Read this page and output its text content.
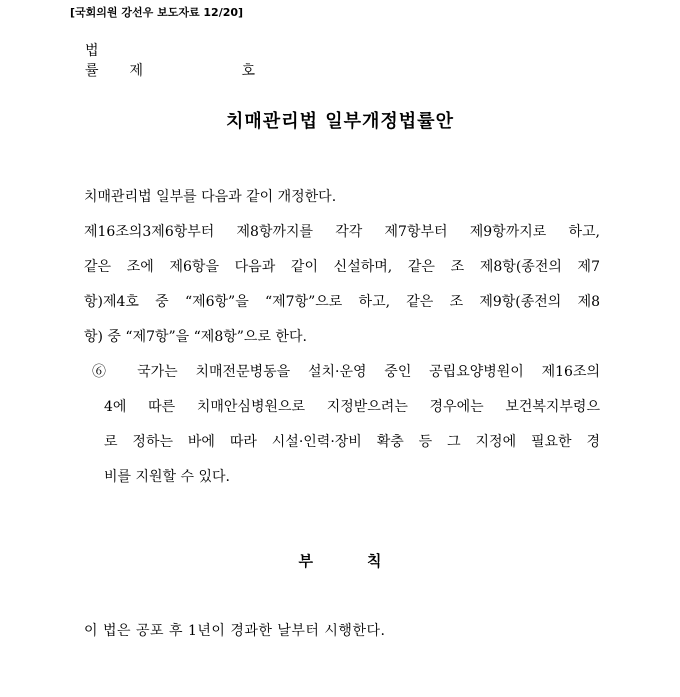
[국회의원 강선우 보도자료 12/20]
법률 제	호
치매관리법 일부개정법률안
치매관리법 일부를 다음과 같이 개정한다.
제16조의3제6항부터 제8항까지를 각각 제7항부터 제9항까지로 하고,
같은 조에 제6항을 다음과 같이 신설하며, 같은 조 제8항(종전의 제7
항)제4호 중 “제6항”을 “제7항”으로 하고, 같은 조 제9항(종전의 제8
항) 중 “제7항”을 “제8항”으로 한다.
⑥ 국가는 치매전문병동을 설치·운영 중인 공립요양병원이 제16조의
4에 따른 치매안심병원으로 지정받으려는 경우에는 보건복지부령으
로 정하는 바에 따라 시설·인력·장비 확충 등 그 지정에 필요한 경
비를 지원할 수 있다.
부	칙
이 법은 공포 후 1년이 경과한 날부터 시행한다.
